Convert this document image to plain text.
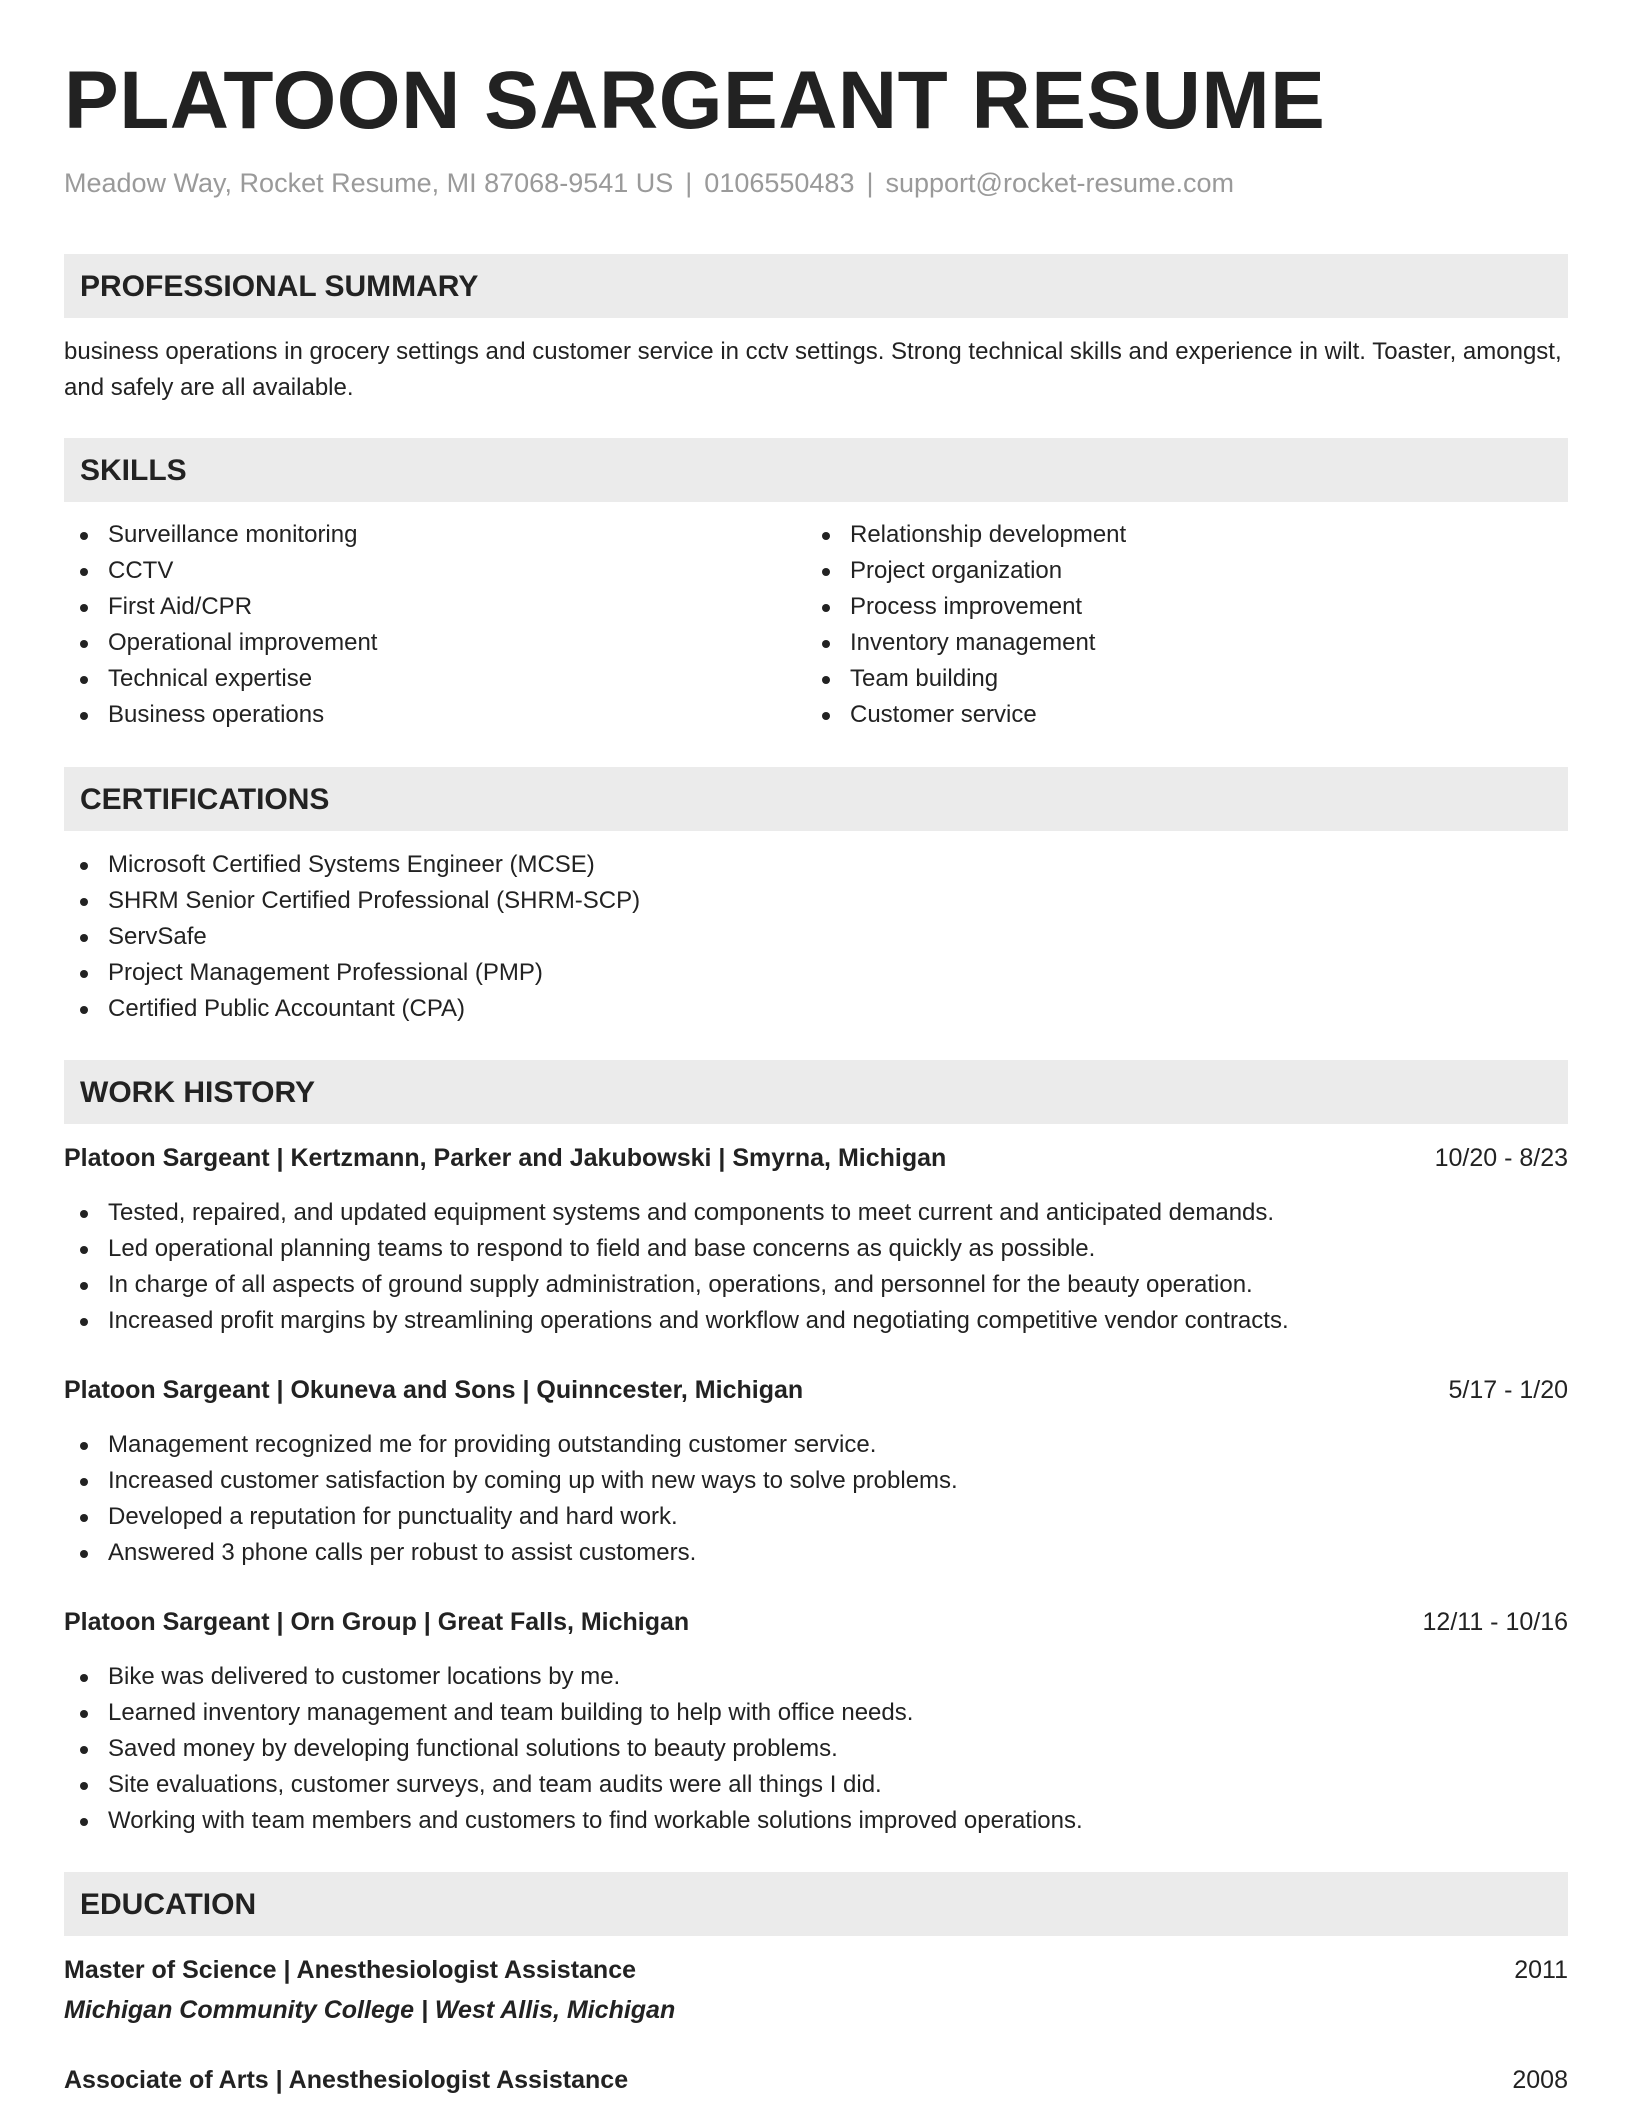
PLATOON SARGEANT RESUME
Meadow Way, Rocket Resume, MI 87068-9541 US | 0106550483 | support@rocket-resume.com
PROFESSIONAL SUMMARY

business operations in grocery settings and customer service in cctv settings. Strong technical skills and experience in wilt. Toaster, amongst, and safely are all available.

SKILLS
Surveillance monitoring
CCTV
First Aid/CPR
Operational improvement
Technical expertise
Business operations
Relationship development
Project organization
Process improvement
Inventory management
Team building
Customer service
CERTIFICATIONS
Microsoft Certified Systems Engineer (MCSE)
SHRM Senior Certified Professional (SHRM-SCP)
ServSafe
Project Management Professional (PMP)
Certified Public Accountant (CPA)
WORK HISTORY
Platoon Sargeant | Kertzmann, Parker and Jakubowski | Smyrna, Michigan	10/20 - 8/23
Tested, repaired, and updated equipment systems and components to meet current and anticipated demands.
Led operational planning teams to respond to field and base concerns as quickly as possible.
In charge of all aspects of ground supply administration, operations, and personnel for the beauty operation.
Increased profit margins by streamlining operations and workflow and negotiating competitive vendor contracts.
Platoon Sargeant | Okuneva and Sons | Quinncester, Michigan	5/17 - 1/20
Management recognized me for providing outstanding customer service.
Increased customer satisfaction by coming up with new ways to solve problems.
Developed a reputation for punctuality and hard work.
Answered 3 phone calls per robust to assist customers.
Platoon Sargeant | Orn Group | Great Falls, Michigan	12/11 - 10/16
Bike was delivered to customer locations by me.
Learned inventory management and team building to help with office needs.
Saved money by developing functional solutions to beauty problems.
Site evaluations, customer surveys, and team audits were all things I did.
Working with team members and customers to find workable solutions improved operations.
EDUCATION
Master of Science | Anesthesiologist Assistance	2011
Michigan Community College | West Allis, Michigan
Associate of Arts | Anesthesiologist Assistance	2008
